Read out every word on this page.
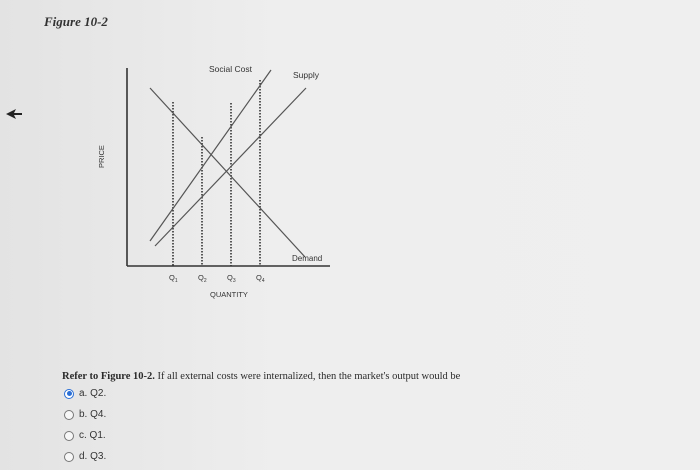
Figure 10-2
Social Cost
Supply
Demand
PRICE
$Q_1$	$Q_2$	$Q_3$	$Q_4$
QUANTITY
Refer to Figure 10-2. If all external costs were internalized, then the market's output would be
a. Q2.
b. Q4.
c. Q1.
d. Q3.
